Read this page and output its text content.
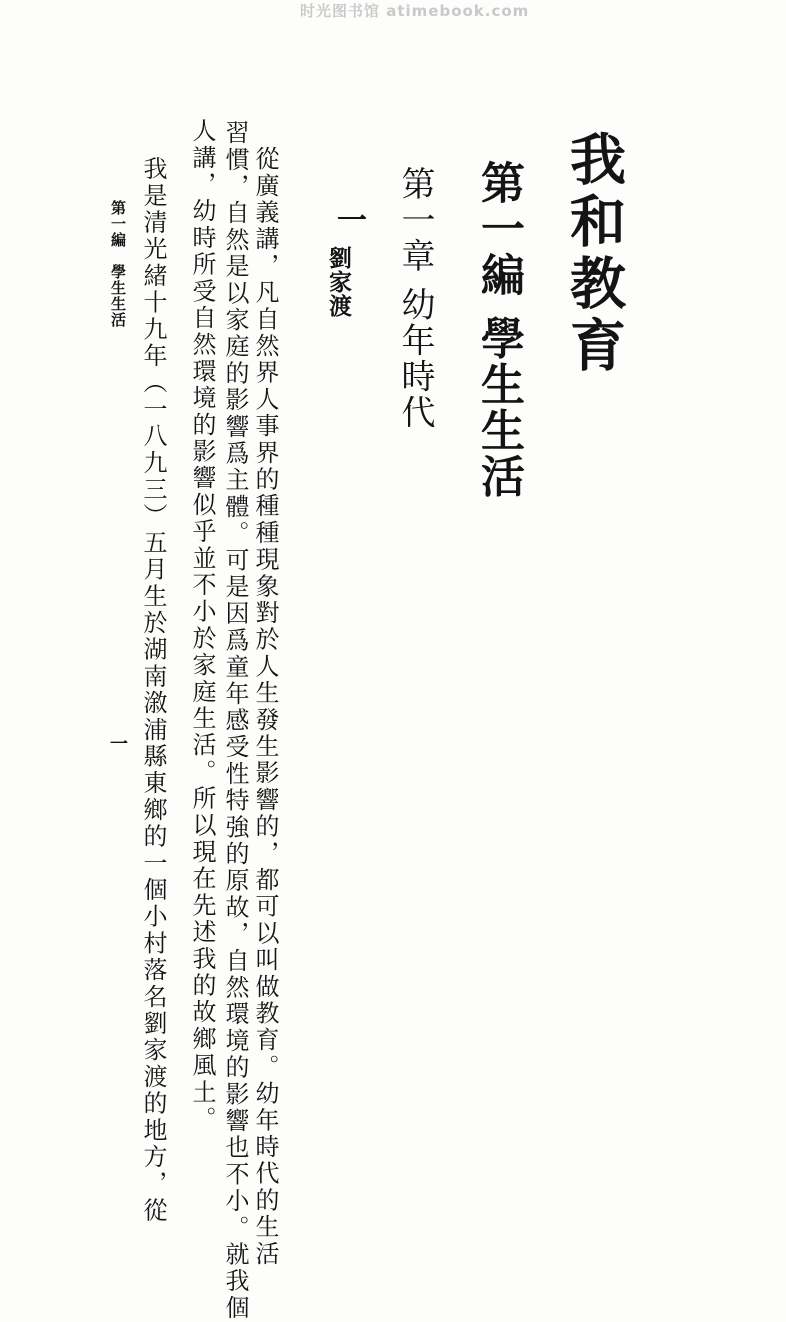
时光图书馆 atimebook.com
我和教育
第一編 學生生活
第一章 幼年時代
一
劉家渡
從廣義講，凡自然界人事界的種種現象對於人生發生影響的，都可以叫做教育。幼年時代的生活
習慣，自然是以家庭的影響爲主體。可是因爲童年感受性特強的原故，自然環境的影響也不小。就我個
人講，幼時所受自然環境的影響似乎並不小於家庭生活。所以現在先述我的故鄉風土。
我是清光緒十九年（一八九三）五月生於湖南漵浦縣東鄉的一個小村落名劉家渡的地方，從
第一編　學生生活
一
